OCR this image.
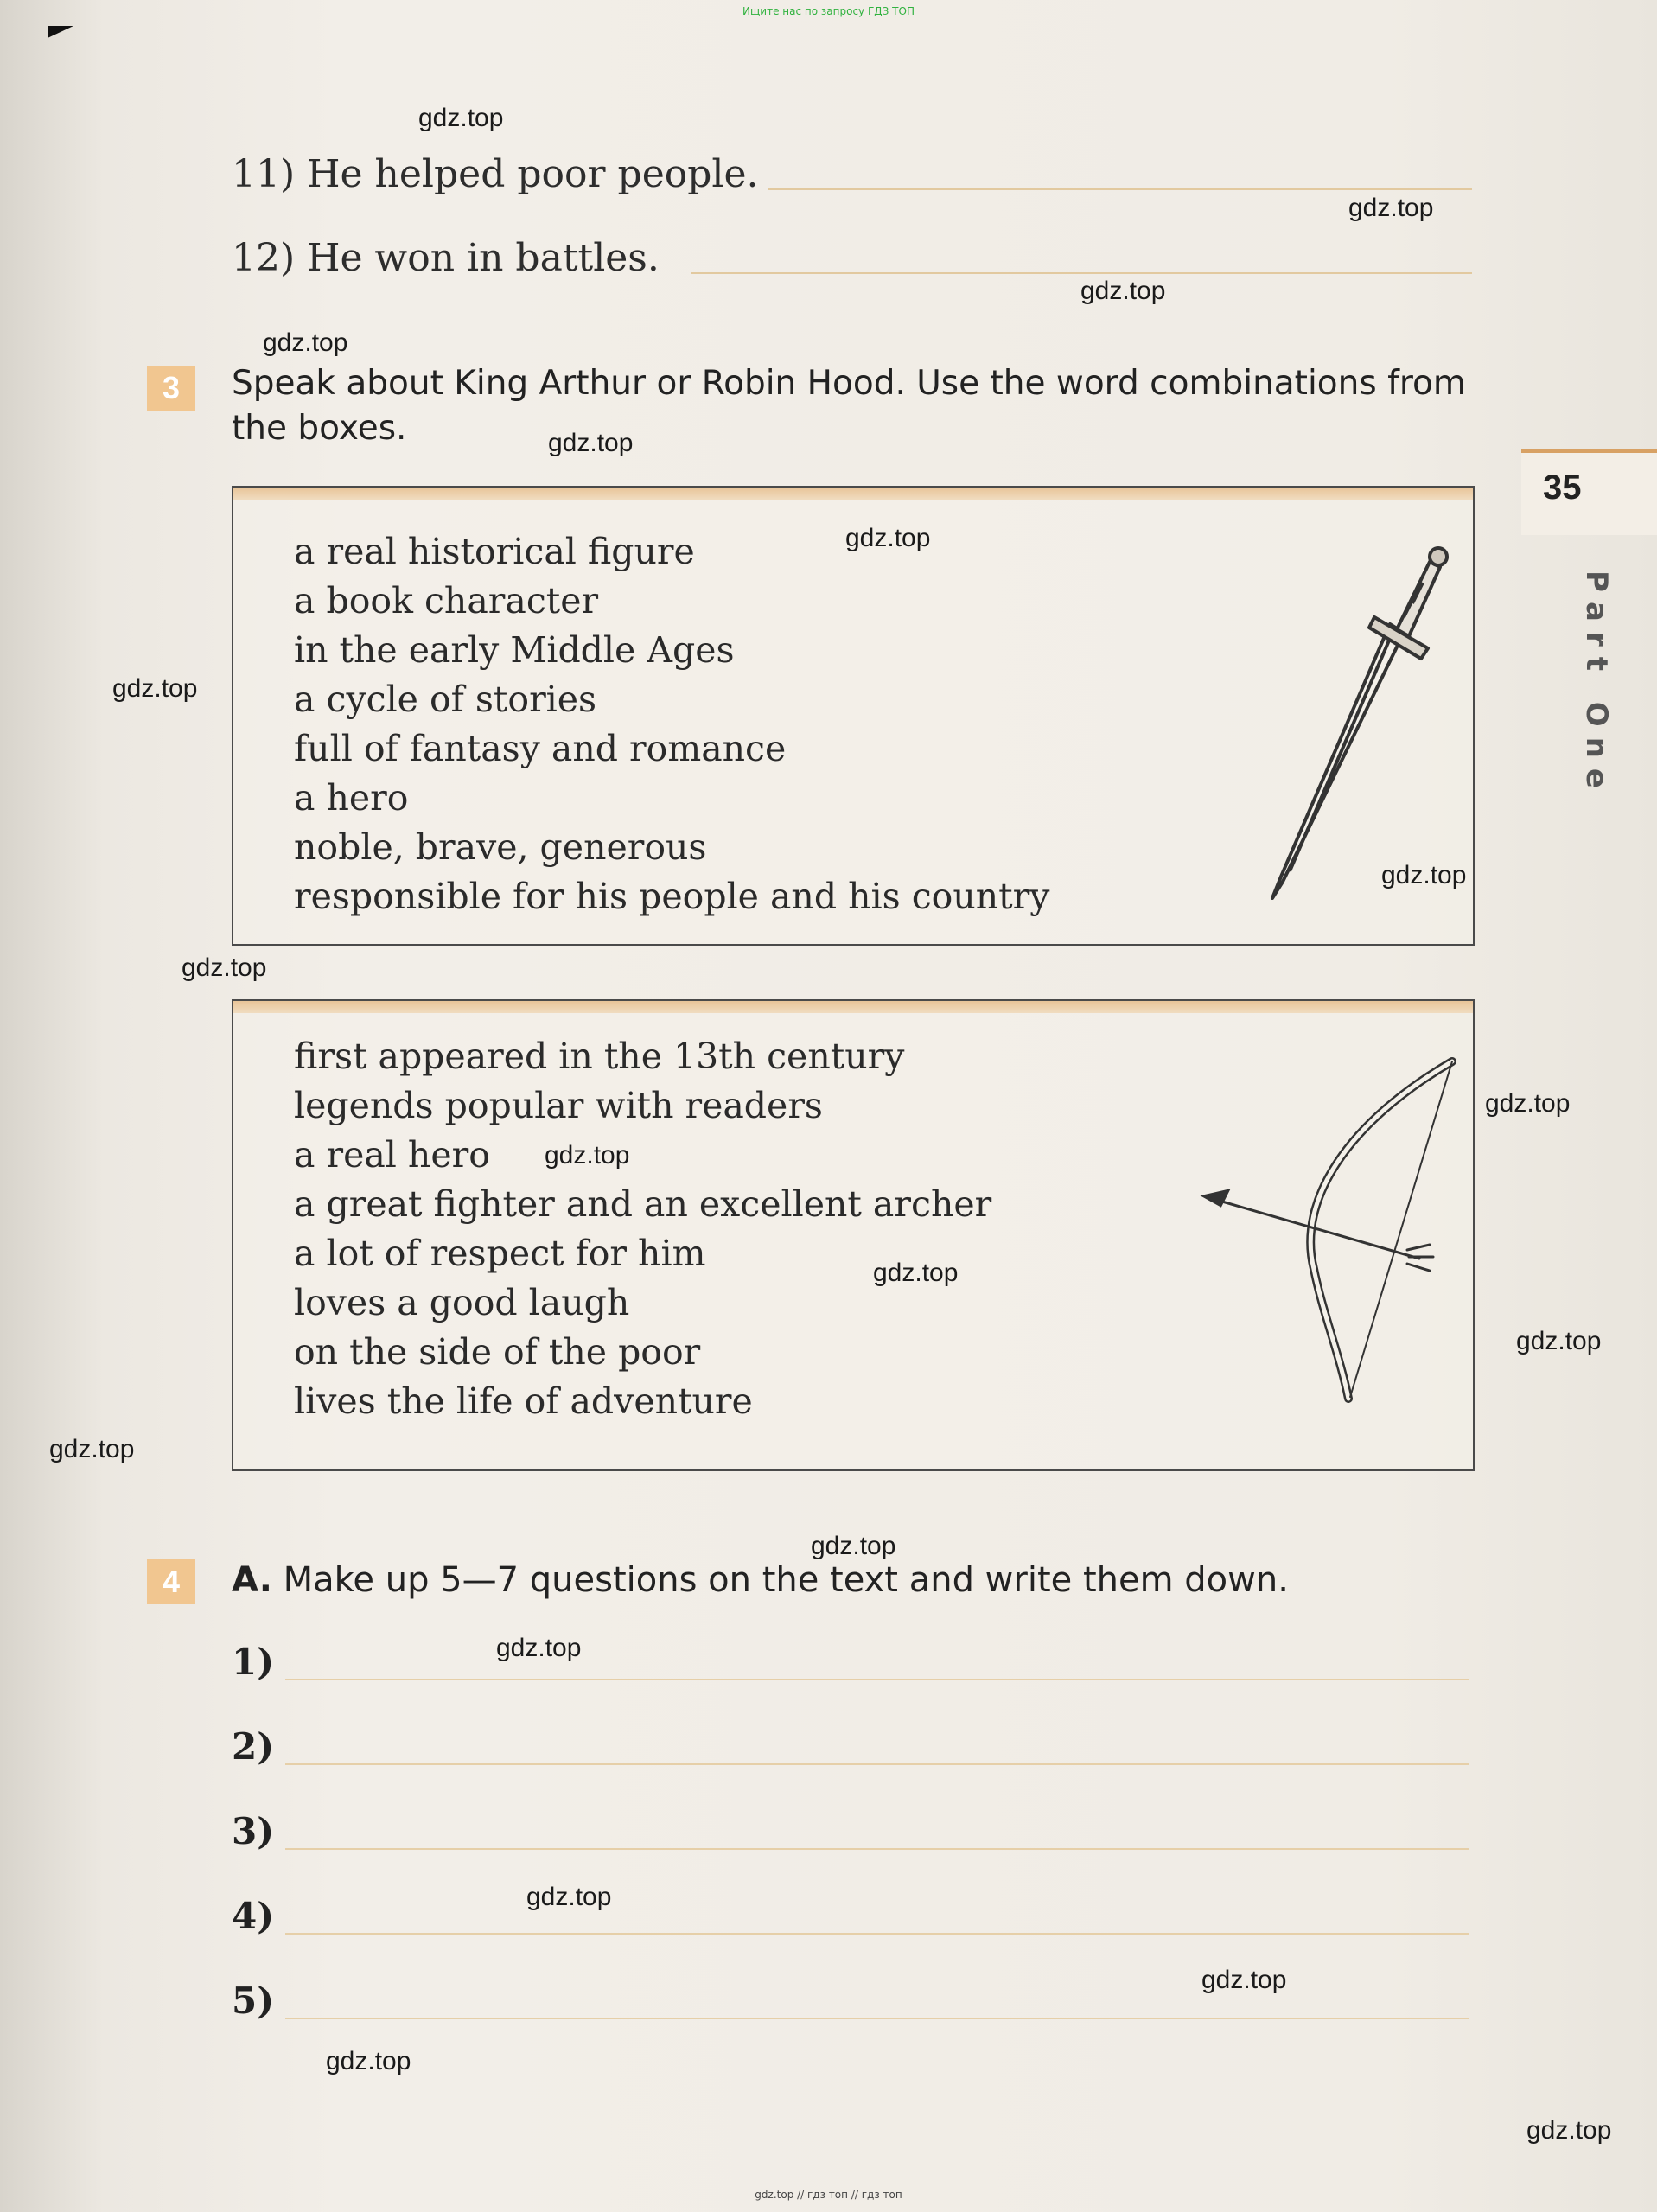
Ищите нас по запросу ГДЗ ТОП
11) He helped poor people.
12) He won in battles.
3	Speak about King Arthur or Robin Hood. Use the word combinations from the boxes.
a real historical figure
a book character
in the early Middle Ages
a cycle of stories
full of fantasy and romance
a hero
noble, brave, generous
responsible for his people and his country
first appeared in the 13th century
legends popular with readers
a real hero
a great fighter and an excellent archer
a lot of respect for him
loves a good laugh
on the side of the poor
lives the life of adventure
4	A. Make up 5—7 questions on the text and write them down.
1)
2)
3)
4)
5)
35
Part One
gdz.top
gdz.top
gdz.top
gdz.top
gdz.top
gdz.top
gdz.top
gdz.top
gdz.top
gdz.top
gdz.top
gdz.top
gdz.top
gdz.top
gdz.top
gdz.top
gdz.top
gdz.top
gdz.top
gdz.top
gdz.top // гдз топ // гдз топ
